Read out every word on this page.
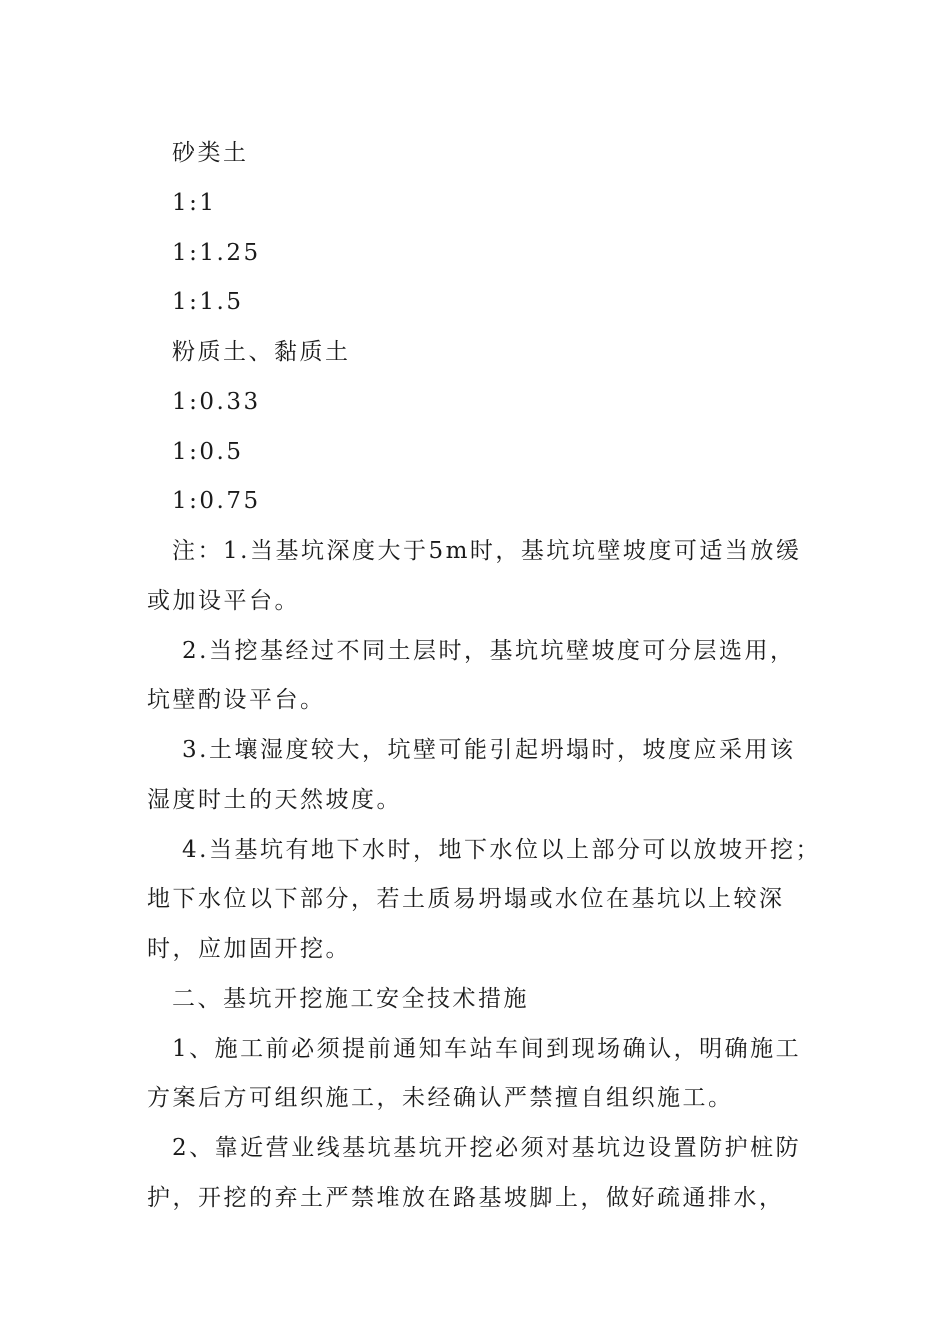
砂类土
1:1
1:1.25
1:1.5
粉质土、黏质土
1:0.33
1:0.5
1:0.75
注：1.当基坑深度大于5m时，基坑坑壁坡度可适当放缓
或加设平台。
2.当挖基经过不同土层时，基坑坑壁坡度可分层选用，
坑壁酌设平台。
3.土壤湿度较大，坑壁可能引起坍塌时，坡度应采用该
湿度时土的天然坡度。
4.当基坑有地下水时，地下水位以上部分可以放坡开挖；
地下水位以下部分，若土质易坍塌或水位在基坑以上较深
时，应加固开挖。
二、基坑开挖施工安全技术措施
1、施工前必须提前通知车站车间到现场确认，明确施工
方案后方可组织施工，未经确认严禁擅自组织施工。
2、靠近营业线基坑基坑开挖必须对基坑边设置防护桩防
护，开挖的弃土严禁堆放在路基坡脚上，做好疏通排水，
